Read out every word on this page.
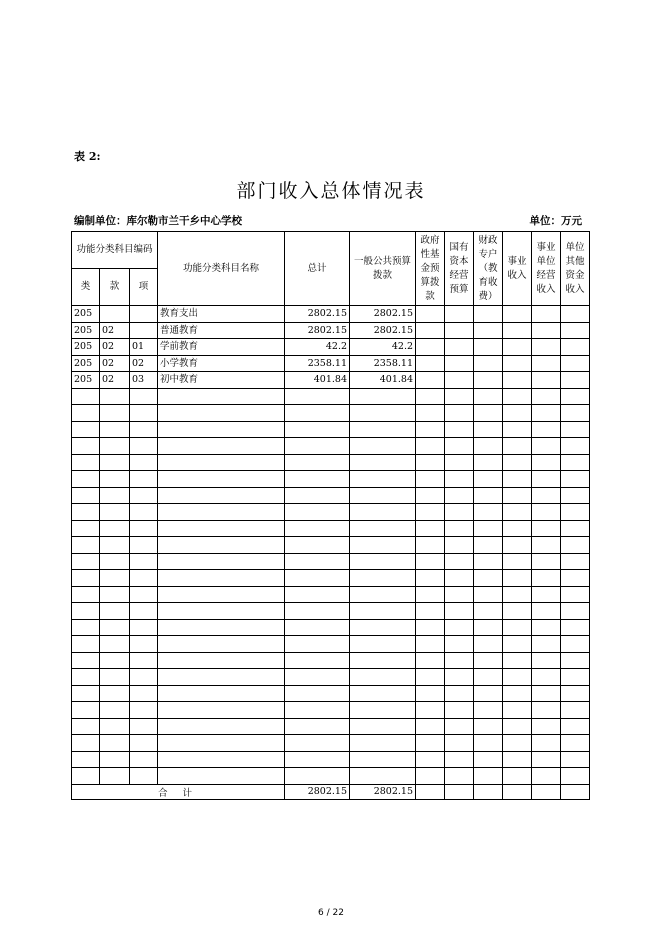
表 2:
部门收入总体情况表
编制单位：库尔勒市兰干乡中心学校	单位：万元
功能分类科目编码			功能分类科目名称	总计	一般公共预算拨款	政府性基金预算拨款	国有资本经营预算	财政专户（教育收费）	事业收入	事业单位经营收入	单位其他资金收入
类	款	项									
205			教育支出	2802.15	2802.15						
205	02		普通教育	2802.15	2802.15						
205	02	01	学前教育	42.2	42.2						
205	02	02	小学教育	2358.11	2358.11						
205	02	03	初中教育	401.84	401.84						

合 计				2802.15	2802.15						
6 / 22
